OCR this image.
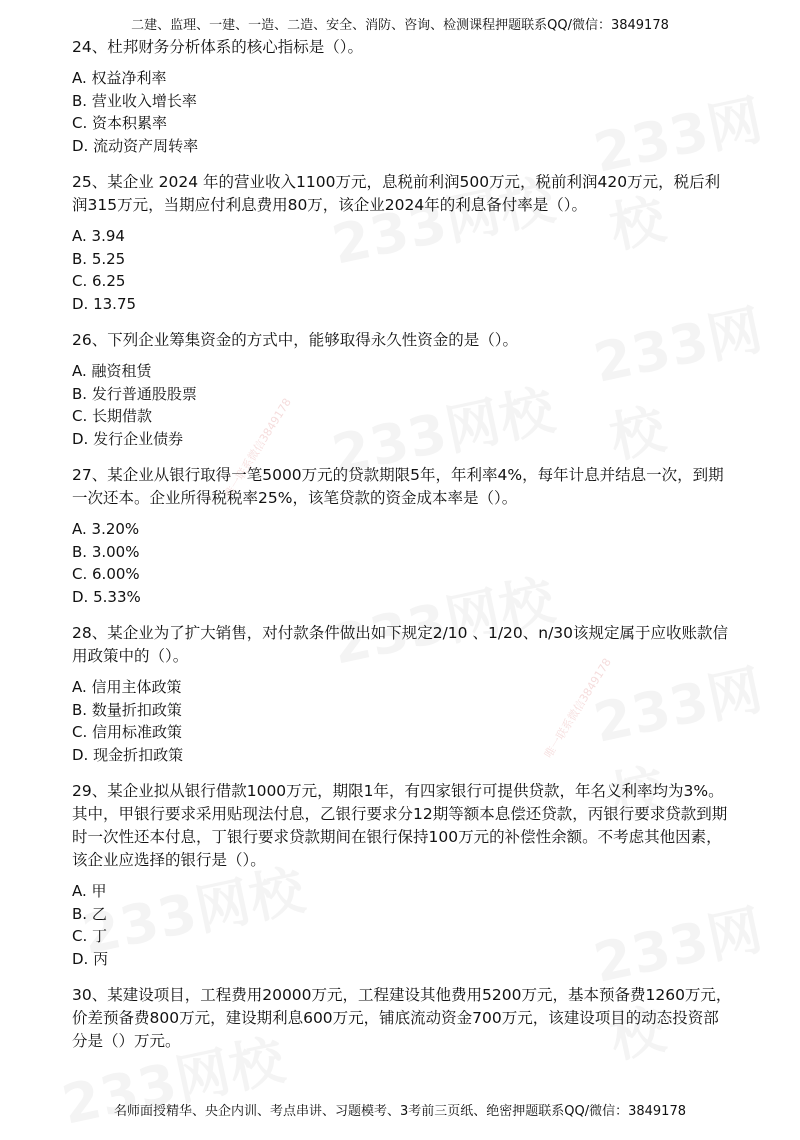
唯一联系微信3849178
唯一联系微信3849178
二建、监理、一建、一造、二造、安全、消防、咨询、检测课程押题联系QQ/微信：3849178

24、杜邦财务分析体系的核心指标是（）。

A. 权益净利率

B. 营业收入增长率

C. 资本积累率

D. 流动资产周转率

25、某企业 2024 年的营业收入1100万元，息税前利润500万元，税前利润420万元，税后利润315万元，当期应付利息费用80万，该企业2024年的利息备付率是（）。

A. 3.94

B. 5.25

C. 6.25

D. 13.75

26、下列企业筹集资金的方式中，能够取得永久性资金的是（）。

A. 融资租赁

B. 发行普通股股票

C. 长期借款

D. 发行企业债券

27、某企业从银行取得一笔5000万元的贷款期限5年，年利率4%，每年计息并结息一次，到期一次还本。企业所得税税率25%，该笔贷款的资金成本率是（）。

A. 3.20%

B. 3.00%

C. 6.00%

D. 5.33%

28、某企业为了扩大销售，对付款条件做出如下规定2/10 、1/20、n/30该规定属于应收账款信用政策中的（）。

A. 信用主体政策

B. 数量折扣政策

C. 信用标准政策

D. 现金折扣政策

29、某企业拟从银行借款1000万元，期限1年，有四家银行可提供贷款，年名义利率均为3%。其中，甲银行要求采用贴现法付息，乙银行要求分12期等额本息偿还贷款，丙银行要求贷款到期时一次性还本付息，丁银行要求贷款期间在银行保持100万元的补偿性余额。不考虑其他因素，该企业应选择的银行是（）。

A. 甲

B. 乙

C. 丁

D. 丙

30、某建设项目，工程费用20000万元，工程建设其他费用5200万元，基本预备费1260万元，价差预备费800万元，建设期利息600万元，铺底流动资金700万元，该建设项目的动态投资部分是（）万元。

名师面授精华、央企内训、考点串讲、习题模考、3考前三页纸、绝密押题联系QQ/微信：3849178
